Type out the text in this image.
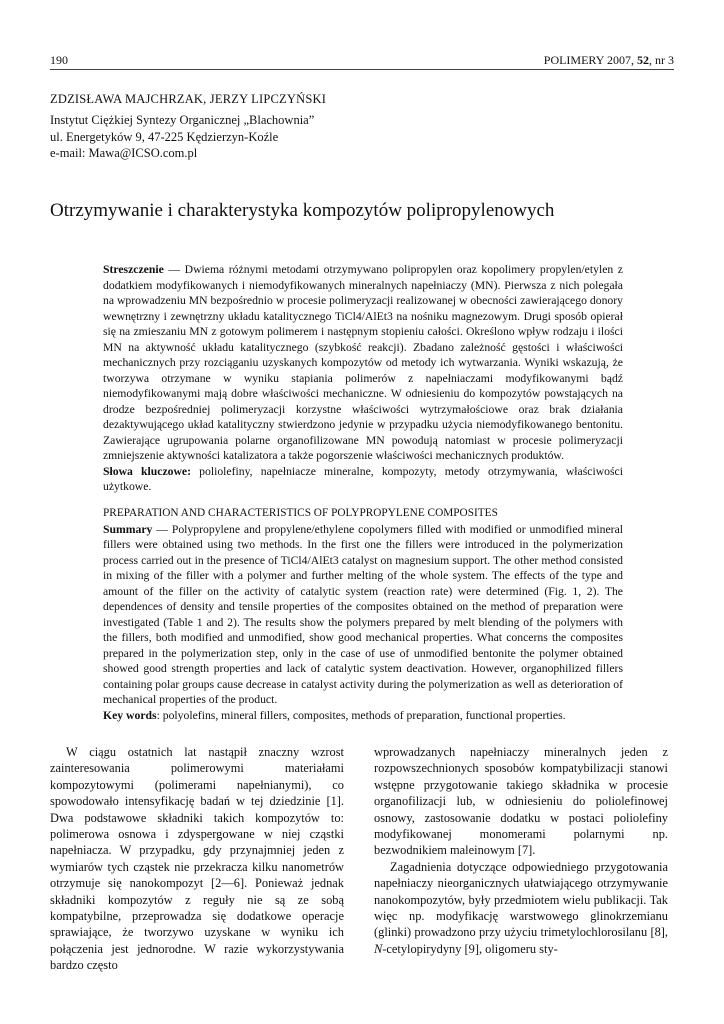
190	POLIMERY 2007, 52, nr 3
ZDZISŁAWA MAJCHRZAK, JERZY LIPCZYŃSKI
Instytut Ciężkiej Syntezy Organicznej „Blachownia”
ul. Energetyków 9, 47-225 Kędzierzyn-Koźle
e-mail: Mawa@ICSO.com.pl
Otrzymywanie i charakterystyka kompozytów polipropylenowych

Streszczenie — Dwiema różnymi metodami otrzymywano polipropylen oraz kopolimery propylen/etylen z dodatkiem modyfikowanych i niemodyfikowanych mineralnych napełniaczy (MN). Pierwsza z nich polegała na wprowadzeniu MN bezpośrednio w procesie polimeryzacji realizowanej w obecności zawierającego donory wewnętrzny i zewnętrzny układu katalitycznego TiCl4/AlEt3 na nośniku magnezowym. Drugi sposób opierał się na zmieszaniu MN z gotowym polimerem i następnym stopieniu całości. Określono wpływ rodzaju i ilości MN na aktywność układu katalitycznego (szybkość reakcji). Zbadano zależność gęstości i właściwości mechanicznych przy rozciąganiu uzyskanych kompozytów od metody ich wytwarzania. Wyniki wskazują, że tworzywa otrzymane w wyniku stapiania polimerów z napełniaczami modyfikowanymi bądź niemodyfikowanymi mają dobre właściwości mechaniczne. W odniesieniu do kompozytów powstających na drodze bezpośredniej polimeryzacji korzystne właściwości wytrzymałościowe oraz brak działania dezaktywującego układ katalityczny stwierdzono jedynie w przypadku użycia niemodyfikowanego bentonitu. Zawierające ugrupowania polarne organofilizowane MN powodują natomiast w procesie polimeryzacji zmniejszenie aktywności katalizatora a także pogorszenie właściwości mechanicznych produktów.

Słowa kluczowe: poliolefiny, napełniacze mineralne, kompozyty, metody otrzymywania, właściwości użytkowe.

PREPARATION AND CHARACTERISTICS OF POLYPROPYLENE COMPOSITES

Summary — Polypropylene and propylene/ethylene copolymers filled with modified or unmodified mineral fillers were obtained using two methods. In the first one the fillers were introduced in the polymerization process carried out in the presence of TiCl4/AlEt3 catalyst on magnesium support. The other method consisted in mixing of the filler with a polymer and further melting of the whole system. The effects of the type and amount of the filler on the activity of catalytic system (reaction rate) were determined (Fig. 1, 2). The dependences of density and tensile properties of the composites obtained on the method of preparation were investigated (Table 1 and 2). The results show the polymers prepared by melt blending of the polymers with the fillers, both modified and unmodified, show good mechanical properties. What concerns the composites prepared in the polymerization step, only in the case of use of unmodified bentonite the polymer obtained showed good strength properties and lack of catalytic system deactivation. However, organophilized fillers containing polar groups cause decrease in catalyst activity during the polymerization as well as deterioration of mechanical properties of the product.

Key words: polyolefins, mineral fillers, composites, methods of preparation, functional properties.

W ciągu ostatnich lat nastąpił znaczny wzrost zainteresowania polimerowymi materiałami kompozytowymi (polimerami napełnianymi), co spowodowało intensyfikację badań w tej dziedzinie [1]. Dwa podstawowe składniki takich kompozytów to: polimerowa osnowa i zdyspergowane w niej cząstki napełniacza. W przypadku, gdy przynajmniej jeden z wymiarów tych cząstek nie przekracza kilku nanometrów otrzymuje się nanokompozyt [2—6]. Ponieważ jednak składniki kompozytów z reguły nie są ze sobą kompatybilne, przeprowadza się dodatkowe operacje sprawiające, że tworzywo uzyskane w wyniku ich połączenia jest jednorodne. W razie wykorzystywania bardzo często

wprowadzanych napełniaczy mineralnych jeden z rozpowszechnionych sposobów kompatybilizacji stanowi wstępne przygotowanie takiego składnika w procesie organofilizacji lub, w odniesieniu do poliolefinowej osnowy, zastosowanie dodatku w postaci poliolefiny modyfikowanej monomerami polarnymi np. bezwodnikiem maleinowym [7].

Zagadnienia dotyczące odpowiedniego przygotowania napełniaczy nieorganicznych ułatwiającego otrzymywanie nanokompozytów, były przedmiotem wielu publikacji. Tak więc np. modyfikację warstwowego glinokrzemianu (glinki) prowadzono przy użyciu trimetylochlorosilanu [8], N-cetylopirydyny [9], oligomeru sty-
